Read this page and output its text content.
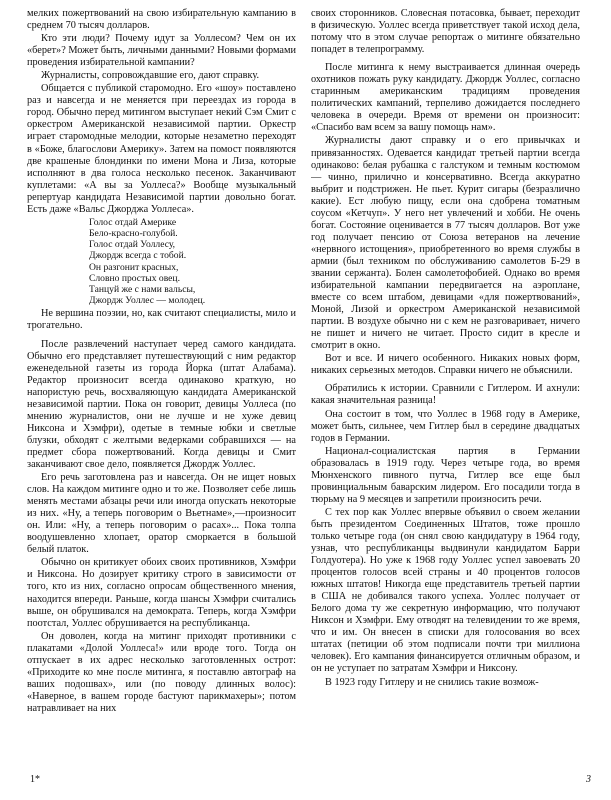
мелких пожертвований на свою избирательную кампанию в среднем 70 тысяч долларов.

Кто эти люди? Почему идут за Уоллесом? Чем он их «берет»? Может быть, личными данными? Новыми формами проведения избирательной кампании?

Журналисты, сопровождавшие его, дают справку.

Общается с публикой старомодно. Его «шоу» поставлено раз и навсегда и не меняется при переездах из города в город. Обычно перед митингом выступает некий Сэм Смит с оркестром Американской независимой партии. Оркестр играет старомодные мелодии, которые незаметно переходят в «Боже, благослови Америку». Затем на помост появляются две крашеные блондинки по имени Мона и Лиза, которые исполняют в два голоса несколько песенок. Заканчивают куплетами: «А вы за Уоллеса?» Вообще музыкальный репертуар кандидата Независимой партии довольно богат. Есть даже «Вальс Джорджа Уоллеса».

Голос отдай Америке
Бело-красно-голубой.
Голос отдай Уоллесу,
Джордж всегда с тобой.
Он разгонит красных,
Словно простых овец.
Танцуй же с нами вальсы,
Джордж Уоллес — молодец.

Не вершина поэзии, но, как считают специалисты, мило и трогательно.

После развлечений наступает черед самого кандидата. Обычно его представляет путешествующий с ним редактор еженедельной газеты из города Йорка (штат Алабама). Редактор произносит всегда одинаково краткую, но напористую речь, восхваляющую кандидата Американской независимой партии. Пока он говорит, девицы Уоллеса (по мнению журналистов, они не лучше и не хуже девиц Никсона и Хэмфри), одетые в темные юбки и светлые блузки, обходят с желтыми ведерками собравшихся — на предмет сбора пожертвований. Когда девицы и Смит заканчивают свое дело, появляется Джордж Уоллес.

Его речь заготовлена раз и навсегда. Он не ищет новых слов. На каждом митинге одно и то же. Позволяет себе лишь менять местами абзацы речи или иногда опускать некоторые из них. «Ну, а теперь поговорим о Вьетнаме»,—произносит он. Или: «Ну, а теперь поговорим о расах»... Пока толпа воодушевленно хлопает, оратор сморкается в большой белый платок.

Обычно он критикует обоих своих противников, Хэмфри и Никсона. Но дозирует критику строго в зависимости от того, кто из них, согласно опросам общественного мнения, находится впереди. Раньше, когда шансы Хэмфри считались выше, он обрушивался на демократа. Теперь, когда Хэмфри поотстал, Уоллес обрушивается на республиканца.

Он доволен, когда на митинг приходят противники с плакатами «Долой Уоллеса!» или вроде того. Тогда он отпускает в их адрес несколько заготовленных острот: «Приходите ко мне после митинга, я поставлю автограф на ваших подошвах», или (по поводу длинных волос): «Наверное, в вашем городе бастуют парикмахеры»; потом натравливает на них

своих сторонников. Словесная потасовка, бывает, переходит в физическую. Уоллес всегда приветствует такой исход дела, потому что в этом случае репортаж о митинге обязательно попадет в телепрограмму.

После митинга к нему выстраивается длинная очередь охотников пожать руку кандидату. Джордж Уоллес, согласно старинным американским традициям проведения политических кампаний, терпеливо дожидается последнего человека в очереди. Время от времени он произносит: «Спасибо вам всем за вашу помощь нам».

Журналисты дают справку и о его привычках и привязанностях. Одевается кандидат третьей партии всегда одинаково: белая рубашка с галстуком и темным костюмом — чинно, прилично и консервативно. Всегда аккуратно выбрит и подстрижен. Не пьет. Курит сигары (безразлично какие). Ест любую пищу, если она сдобрена томатным соусом «Кетчуп». У него нет увлечений и хобби. Не очень богат. Состояние оценивается в 77 тысяч долларов. Вот уже год получает пенсию от Союза ветеранов на лечение «нервного истощения», приобретенного во время службы в армии (был техником по обслуживанию самолетов Б-29 в звании сержанта). Болен самолетофобией. Однако во время избирательной кампании передвигается на аэроплане, вместе со всем штабом, девицами «для пожертвований», Моной, Лизой и оркестром Американской независимой партии. В воздухе обычно ни с кем не разговаривает, ничего не пишет и ничего не читает. Просто сидит в кресле и смотрит в окно.

Вот и все. И ничего особенного. Никаких новых форм, никаких серьезных методов. Справки ничего не объяснили.

Обратились к истории. Сравнили с Гитлером. И ахнули: какая значительная разница!

Она состоит в том, что Уоллес в 1968 году в Америке, может быть, сильнее, чем Гитлер был в середине двадцатых годов в Германии.

Национал-социалистская партия в Германии образовалась в 1919 году. Через четыре года, во время Мюнхенского пивного путча, Гитлер все еще был провинциальным баварским лидером. Его посадили тогда в тюрьму на 9 месяцев и запретили произносить речи.

С тех пор как Уоллес впервые объявил о своем желании быть президентом Соединенных Штатов, тоже прошло только четыре года (он снял свою кандидатуру в 1964 году, узнав, что республиканцы выдвинули кандидатом Барри Голдуотера). Но уже к 1968 году Уоллес успел завоевать 20 процентов голосов всей страны и 40 процентов голосов южных штатов! Никогда еще представитель третьей партии в США не добивался такого успеха. Уоллес получает от Белого дома ту же секретную информацию, что получают Никсон и Хэмфри. Ему отводят на телевидении то же время, что и им. Он внесен в списки для голосования во всех штатах (петиции об этом подписали почти три миллиона человек). Его кампания финансируется отличным образом, и он не уступает по затратам Хэмфри и Никсону.

В 1923 году Гитлеру и не снились такие возмож-

1*	3
